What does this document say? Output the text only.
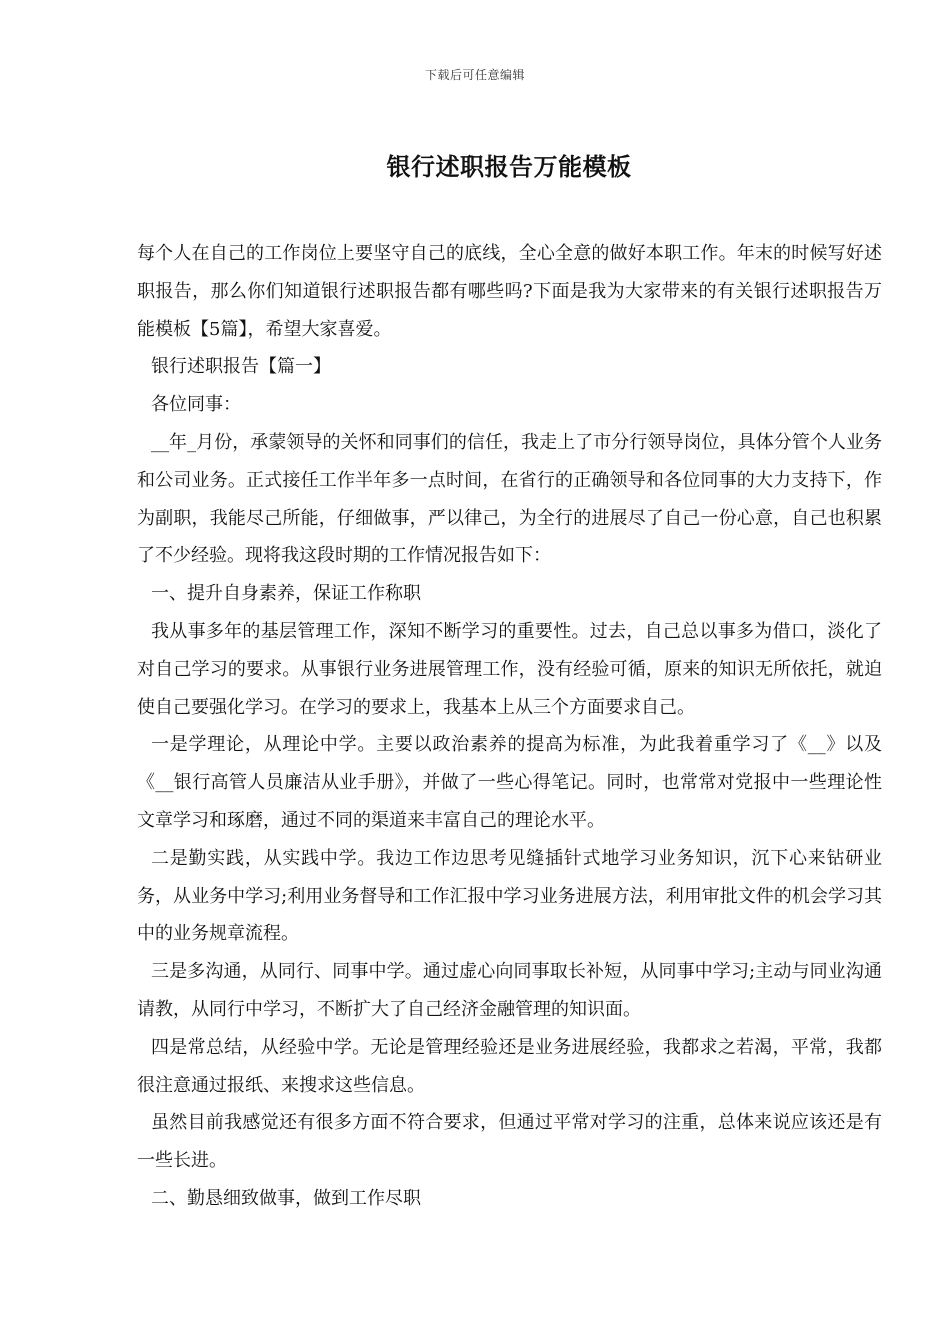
下载后可任意编辑
银行述职报告万能模板

每个人在自己的工作岗位上要坚守自己的底线，全心全意的做好本职工作。年末的时候写好述职报告，那么你们知道银行述职报告都有哪些吗?下面是我为大家带来的有关银行述职报告万能模板【5篇】，希望大家喜爱。

银行述职报告【篇一】

各位同事：

__年_月份，承蒙领导的关怀和同事们的信任，我走上了市分行领导岗位，具体分管个人业务和公司业务。正式接任工作半年多一点时间，在省行的正确领导和各位同事的大力支持下，作为副职，我能尽己所能，仔细做事，严以律己，为全行的进展尽了自己一份心意，自己也积累了不少经验。现将我这段时期的工作情况报告如下：

一、提升自身素养，保证工作称职

我从事多年的基层管理工作，深知不断学习的重要性。过去，自己总以事多为借口，淡化了对自己学习的要求。从事银行业务进展管理工作，没有经验可循，原来的知识无所依托，就迫使自己要强化学习。在学习的要求上，我基本上从三个方面要求自己。

一是学理论，从理论中学。主要以政治素养的提高为标准，为此我着重学习了《__》以及《__银行高管人员廉洁从业手册》，并做了一些心得笔记。同时，也常常对党报中一些理论性文章学习和琢磨，通过不同的渠道来丰富自己的理论水平。

二是勤实践，从实践中学。我边工作边思考见缝插针式地学习业务知识，沉下心来钻研业务，从业务中学习;利用业务督导和工作汇报中学习业务进展方法，利用审批文件的机会学习其中的业务规章流程。

三是多沟通，从同行、同事中学。通过虚心向同事取长补短，从同事中学习;主动与同业沟通请教，从同行中学习，不断扩大了自己经济金融管理的知识面。

四是常总结，从经验中学。无论是管理经验还是业务进展经验，我都求之若渴，平常，我都很注意通过报纸、来搜求这些信息。

虽然目前我感觉还有很多方面不符合要求，但通过平常对学习的注重，总体来说应该还是有一些长进。

二、勤恳细致做事，做到工作尽职
